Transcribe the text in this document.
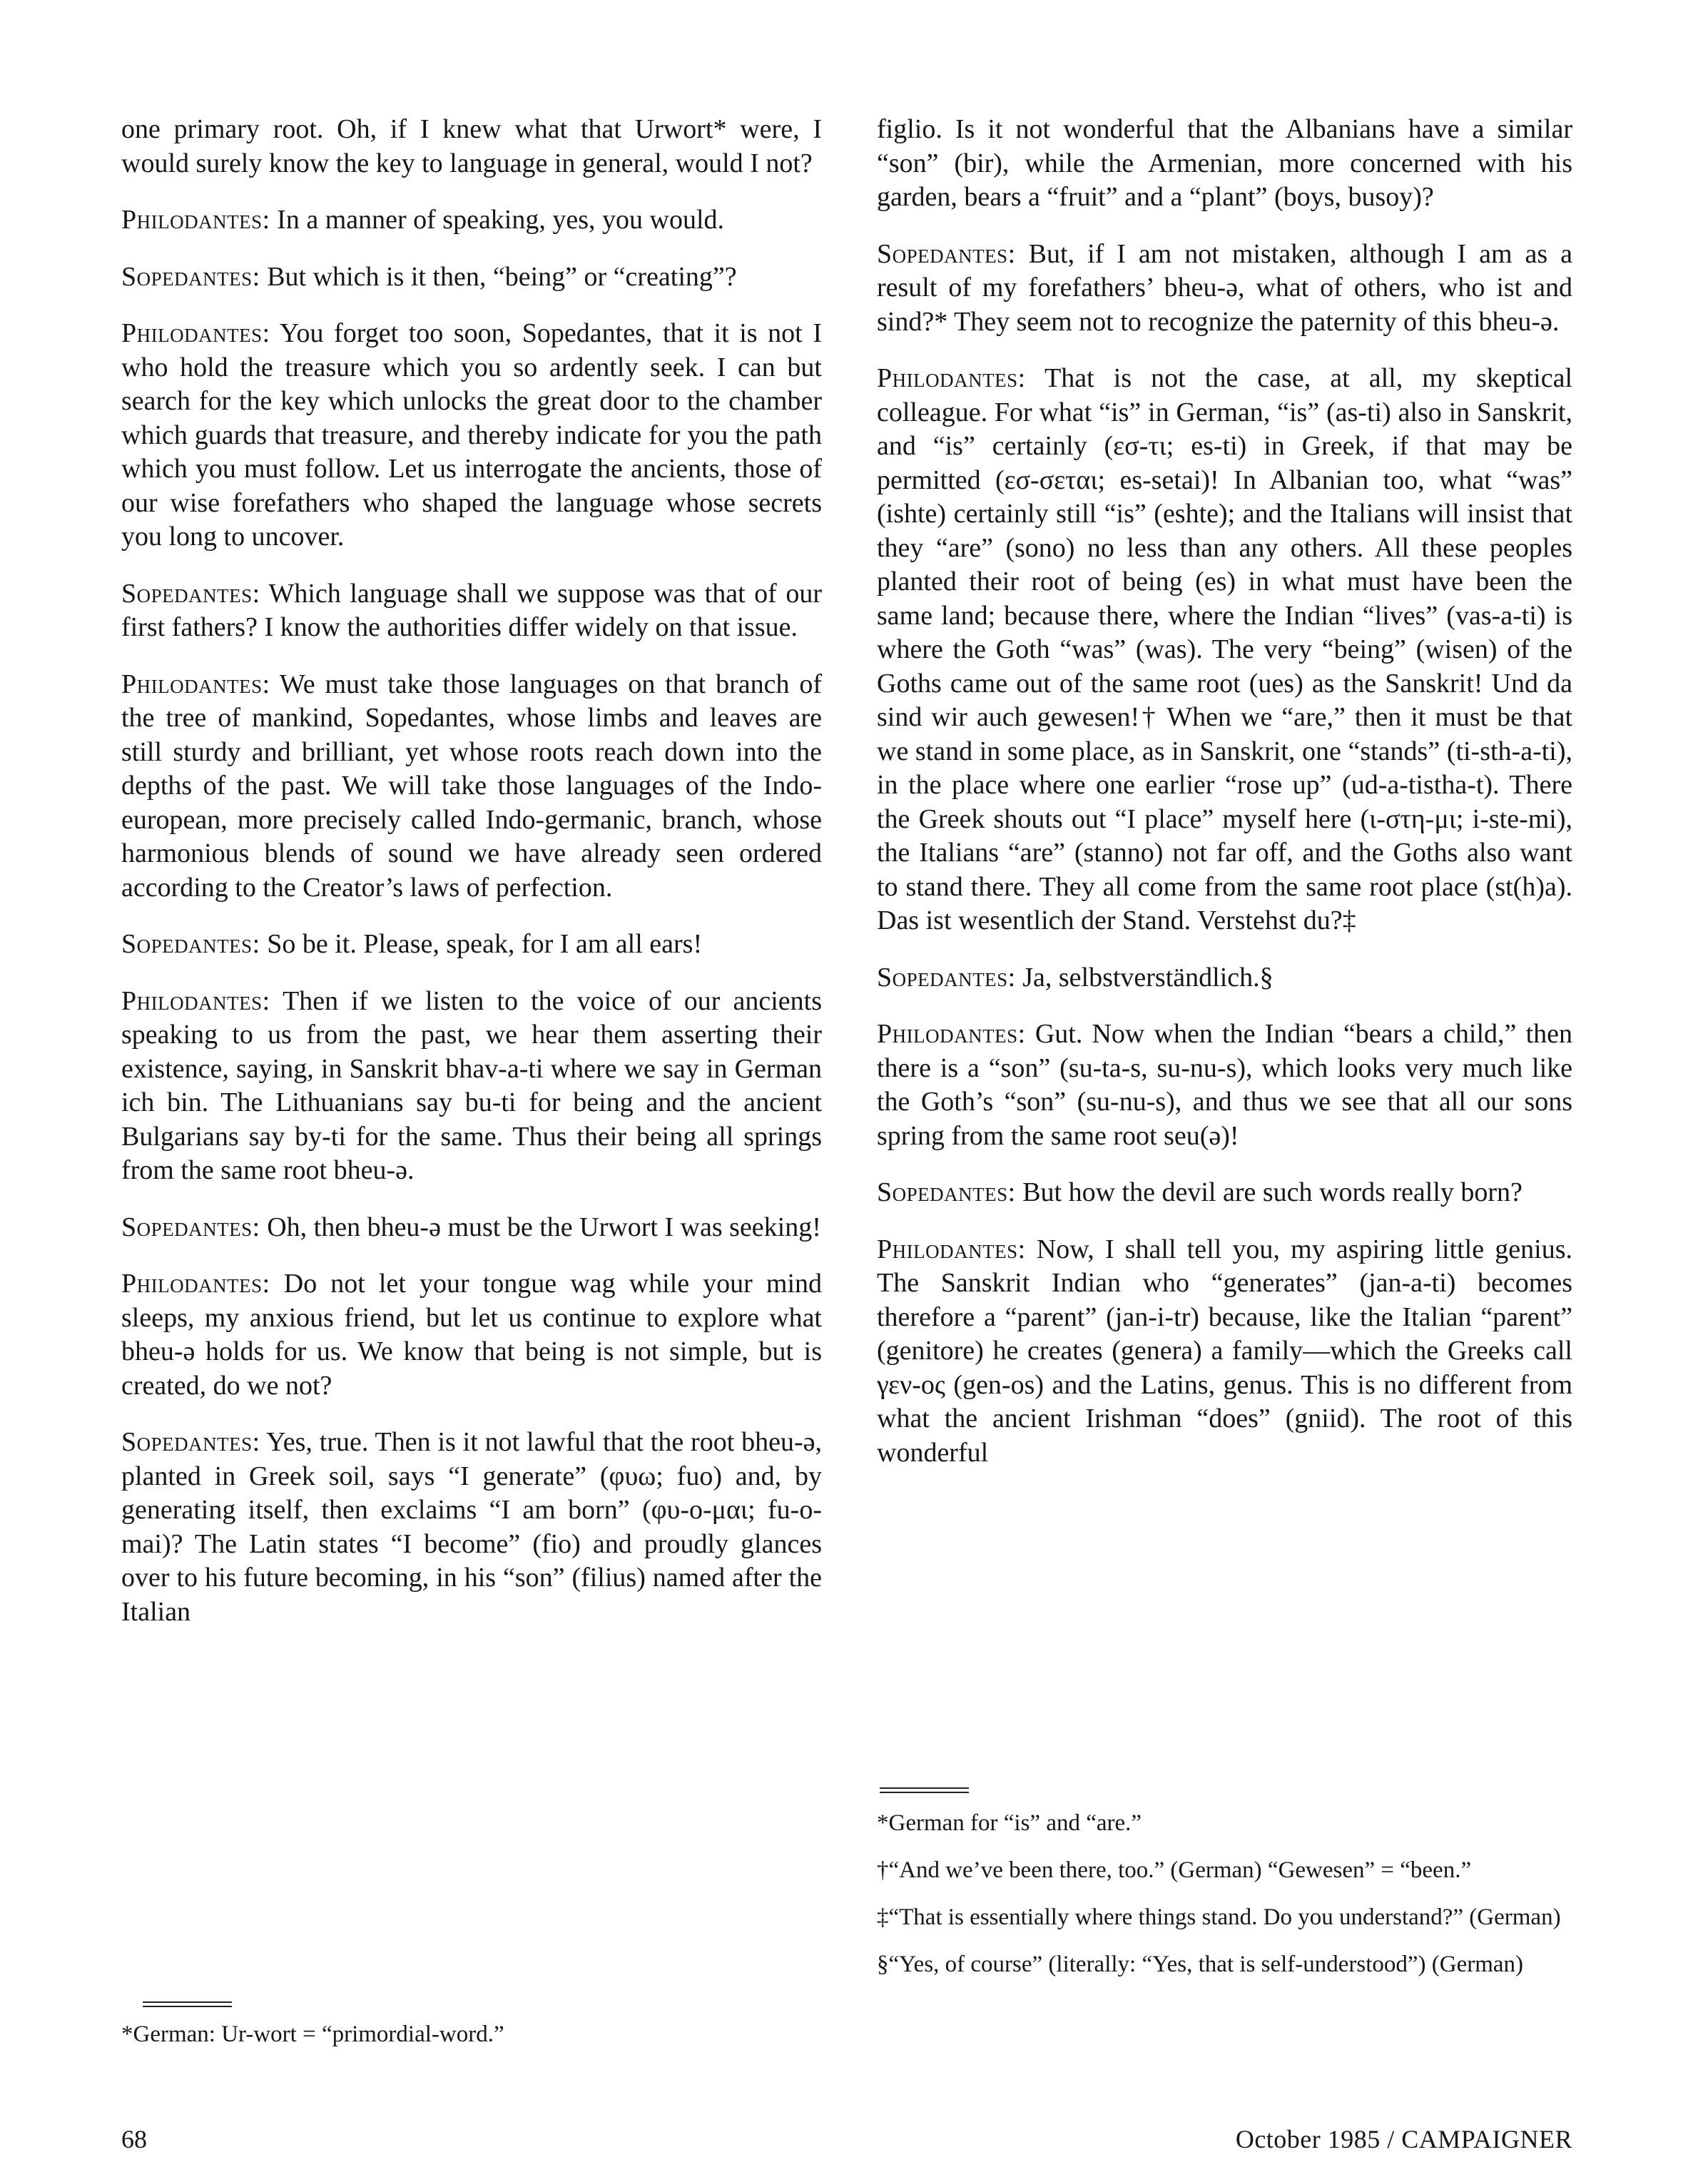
one primary root. Oh, if I knew what that Urwort* were, I would surely know the key to language in general, would I not?

Philodantes: In a manner of speaking, yes, you would.

Sopedantes: But which is it then, “being” or “creating”?

Philodantes: You forget too soon, Sopedantes, that it is not I who hold the treasure which you so ardently seek. I can but search for the key which unlocks the great door to the chamber which guards that treasure, and thereby indicate for you the path which you must follow. Let us interrogate the ancients, those of our wise forefathers who shaped the language whose secrets you long to uncover.

Sopedantes: Which language shall we suppose was that of our first fathers? I know the authorities differ widely on that issue.

Philodantes: We must take those languages on that branch of the tree of mankind, Sopedantes, whose limbs and leaves are still sturdy and brilliant, yet whose roots reach down into the depths of the past. We will take those languages of the Indo-european, more precisely called Indo-germanic, branch, whose harmonious blends of sound we have already seen ordered according to the Creator’s laws of perfection.

Sopedantes: So be it. Please, speak, for I am all ears!

Philodantes: Then if we listen to the voice of our ancients speaking to us from the past, we hear them asserting their existence, saying, in Sanskrit bhav-a-ti where we say in German ich bin. The Lithuanians say bu-ti for being and the ancient Bulgarians say by-ti for the same. Thus their being all springs from the same root bheu-ə.

Sopedantes: Oh, then bheu-ə must be the Urwort I was seeking!

Philodantes: Do not let your tongue wag while your mind sleeps, my anxious friend, but let us continue to explore what bheu-ə holds for us. We know that being is not simple, but is created, do we not?

Sopedantes: Yes, true. Then is it not lawful that the root bheu-ə, planted in Greek soil, says “I generate” (φυω; fuo) and, by generating itself, then exclaims “I am born” (φυ-ο-μαι; fu-o-mai)? The Latin states “I become” (fio) and proudly glances over to his future becoming, in his “son” (filius) named after the Italian

figlio. Is it not wonderful that the Albanians have a similar “son” (bir), while the Armenian, more concerned with his garden, bears a “fruit” and a “plant” (boys, busoy)?

Sopedantes: But, if I am not mistaken, although I am as a result of my forefathers’ bheu-ə, what of others, who ist and sind?* They seem not to recognize the paternity of this bheu-ə.

Philodantes: That is not the case, at all, my skeptical colleague. For what “is” in German, “is” (as-ti) also in Sanskrit, and “is” certainly (εσ-τι; es-ti) in Greek, if that may be permitted (εσ-σεται; es-setai)! In Albanian too, what “was” (ishte) certainly still “is” (eshte); and the Italians will insist that they “are” (sono) no less than any others. All these peoples planted their root of being (es) in what must have been the same land; because there, where the Indian “lives” (vas-a-ti) is where the Goth “was” (was). The very “being” (wisen) of the Goths came out of the same root (ues) as the Sanskrit! Und da sind wir auch gewesen!† When we “are,” then it must be that we stand in some place, as in Sanskrit, one “stands” (ti-sth-a-ti), in the place where one earlier “rose up” (ud-a-tistha-t). There the Greek shouts out “I place” myself here (ι-στη-μι; i-ste-mi), the Italians “are” (stanno) not far off, and the Goths also want to stand there. They all come from the same root place (st(h)a). Das ist wesentlich der Stand. Verstehst du?‡

Sopedantes: Ja, selbstverständlich.§

Philodantes: Gut. Now when the Indian “bears a child,” then there is a “son” (su-ta-s, su-nu-s), which looks very much like the Goth’s “son” (su-nu-s), and thus we see that all our sons spring from the same root seu(ə)!

Sopedantes: But how the devil are such words really born?

Philodantes: Now, I shall tell you, my aspiring little genius. The Sanskrit Indian who “generates” (jan-a-ti) becomes therefore a “parent” (jan-i-tr) because, like the Italian “parent” (genitore) he creates (genera) a family—which the Greeks call γεν-ος (gen-os) and the Latins, genus. This is no different from what the ancient Irishman “does” (gniid). The root of this wonderful

*German: Ur-wort = “primordial-word.”

*German for “is” and “are.”

†“And we’ve been there, too.” (German) “Gewesen” = “been.”

‡“That is essentially where things stand. Do you understand?” (German)

§“Yes, of course” (literally: “Yes, that is self-understood”) (German)

68	October 1985 / CAMPAIGNER
